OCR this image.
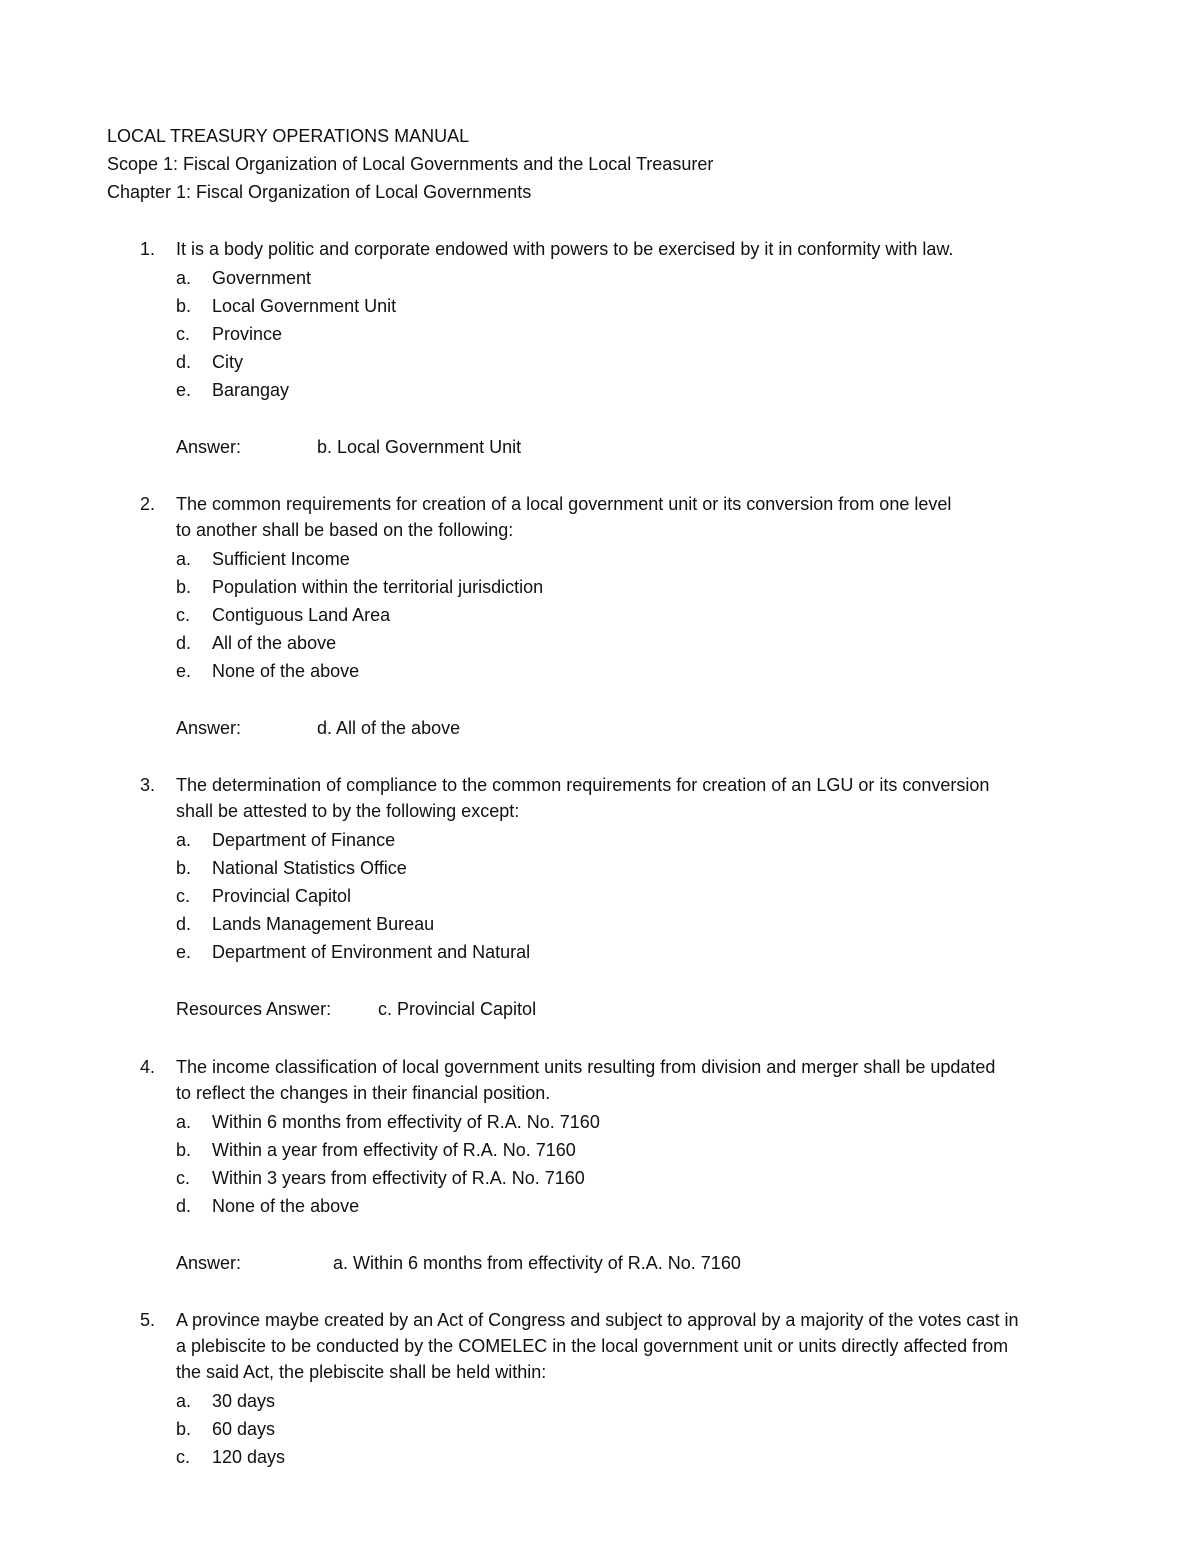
LOCAL TREASURY OPERATIONS MANUAL
Scope 1: Fiscal Organization of Local Governments and the Local Treasurer
Chapter 1: Fiscal Organization of Local Governments
1.	It is a body politic and corporate endowed with powers to be exercised by it in conformity with law.
a.	Government
b.	Local Government Unit
c.	Province
d.	City
e.	Barangay
Answer:	b. Local Government Unit
2.	The common requirements for creation of a local government unit or its conversion from one level
to another shall be based on the following:
a.	Sufficient Income
b.	Population within the territorial jurisdiction
c.	Contiguous Land Area
d.	All of the above
e.	None of the above
Answer:	d. All of the above
3.	The determination of compliance to the common requirements for creation of an LGU or its conversion
shall be attested to by the following except:
a.	Department of Finance
b.	National Statistics Office
c.	Provincial Capitol
d.	Lands Management Bureau
e.	Department of Environment and Natural
Resources Answer:	c. Provincial Capitol
4.	The income classification of local government units resulting from division and merger shall be updated
to reflect the changes in their financial position.
a.	Within 6 months from effectivity of R.A. No. 7160
b.	Within a year from effectivity of R.A. No. 7160
c.	Within 3 years from effectivity of R.A. No. 7160
d.	None of the above
Answer:	a. Within 6 months from effectivity of R.A. No. 7160
5.	A province maybe created by an Act of Congress and subject to approval by a majority of the votes cast in
a plebiscite to be conducted by the COMELEC in the local government unit or units directly affected from
the said Act, the plebiscite shall be held within:
a.	30 days
b.	60 days
c.	120 days
